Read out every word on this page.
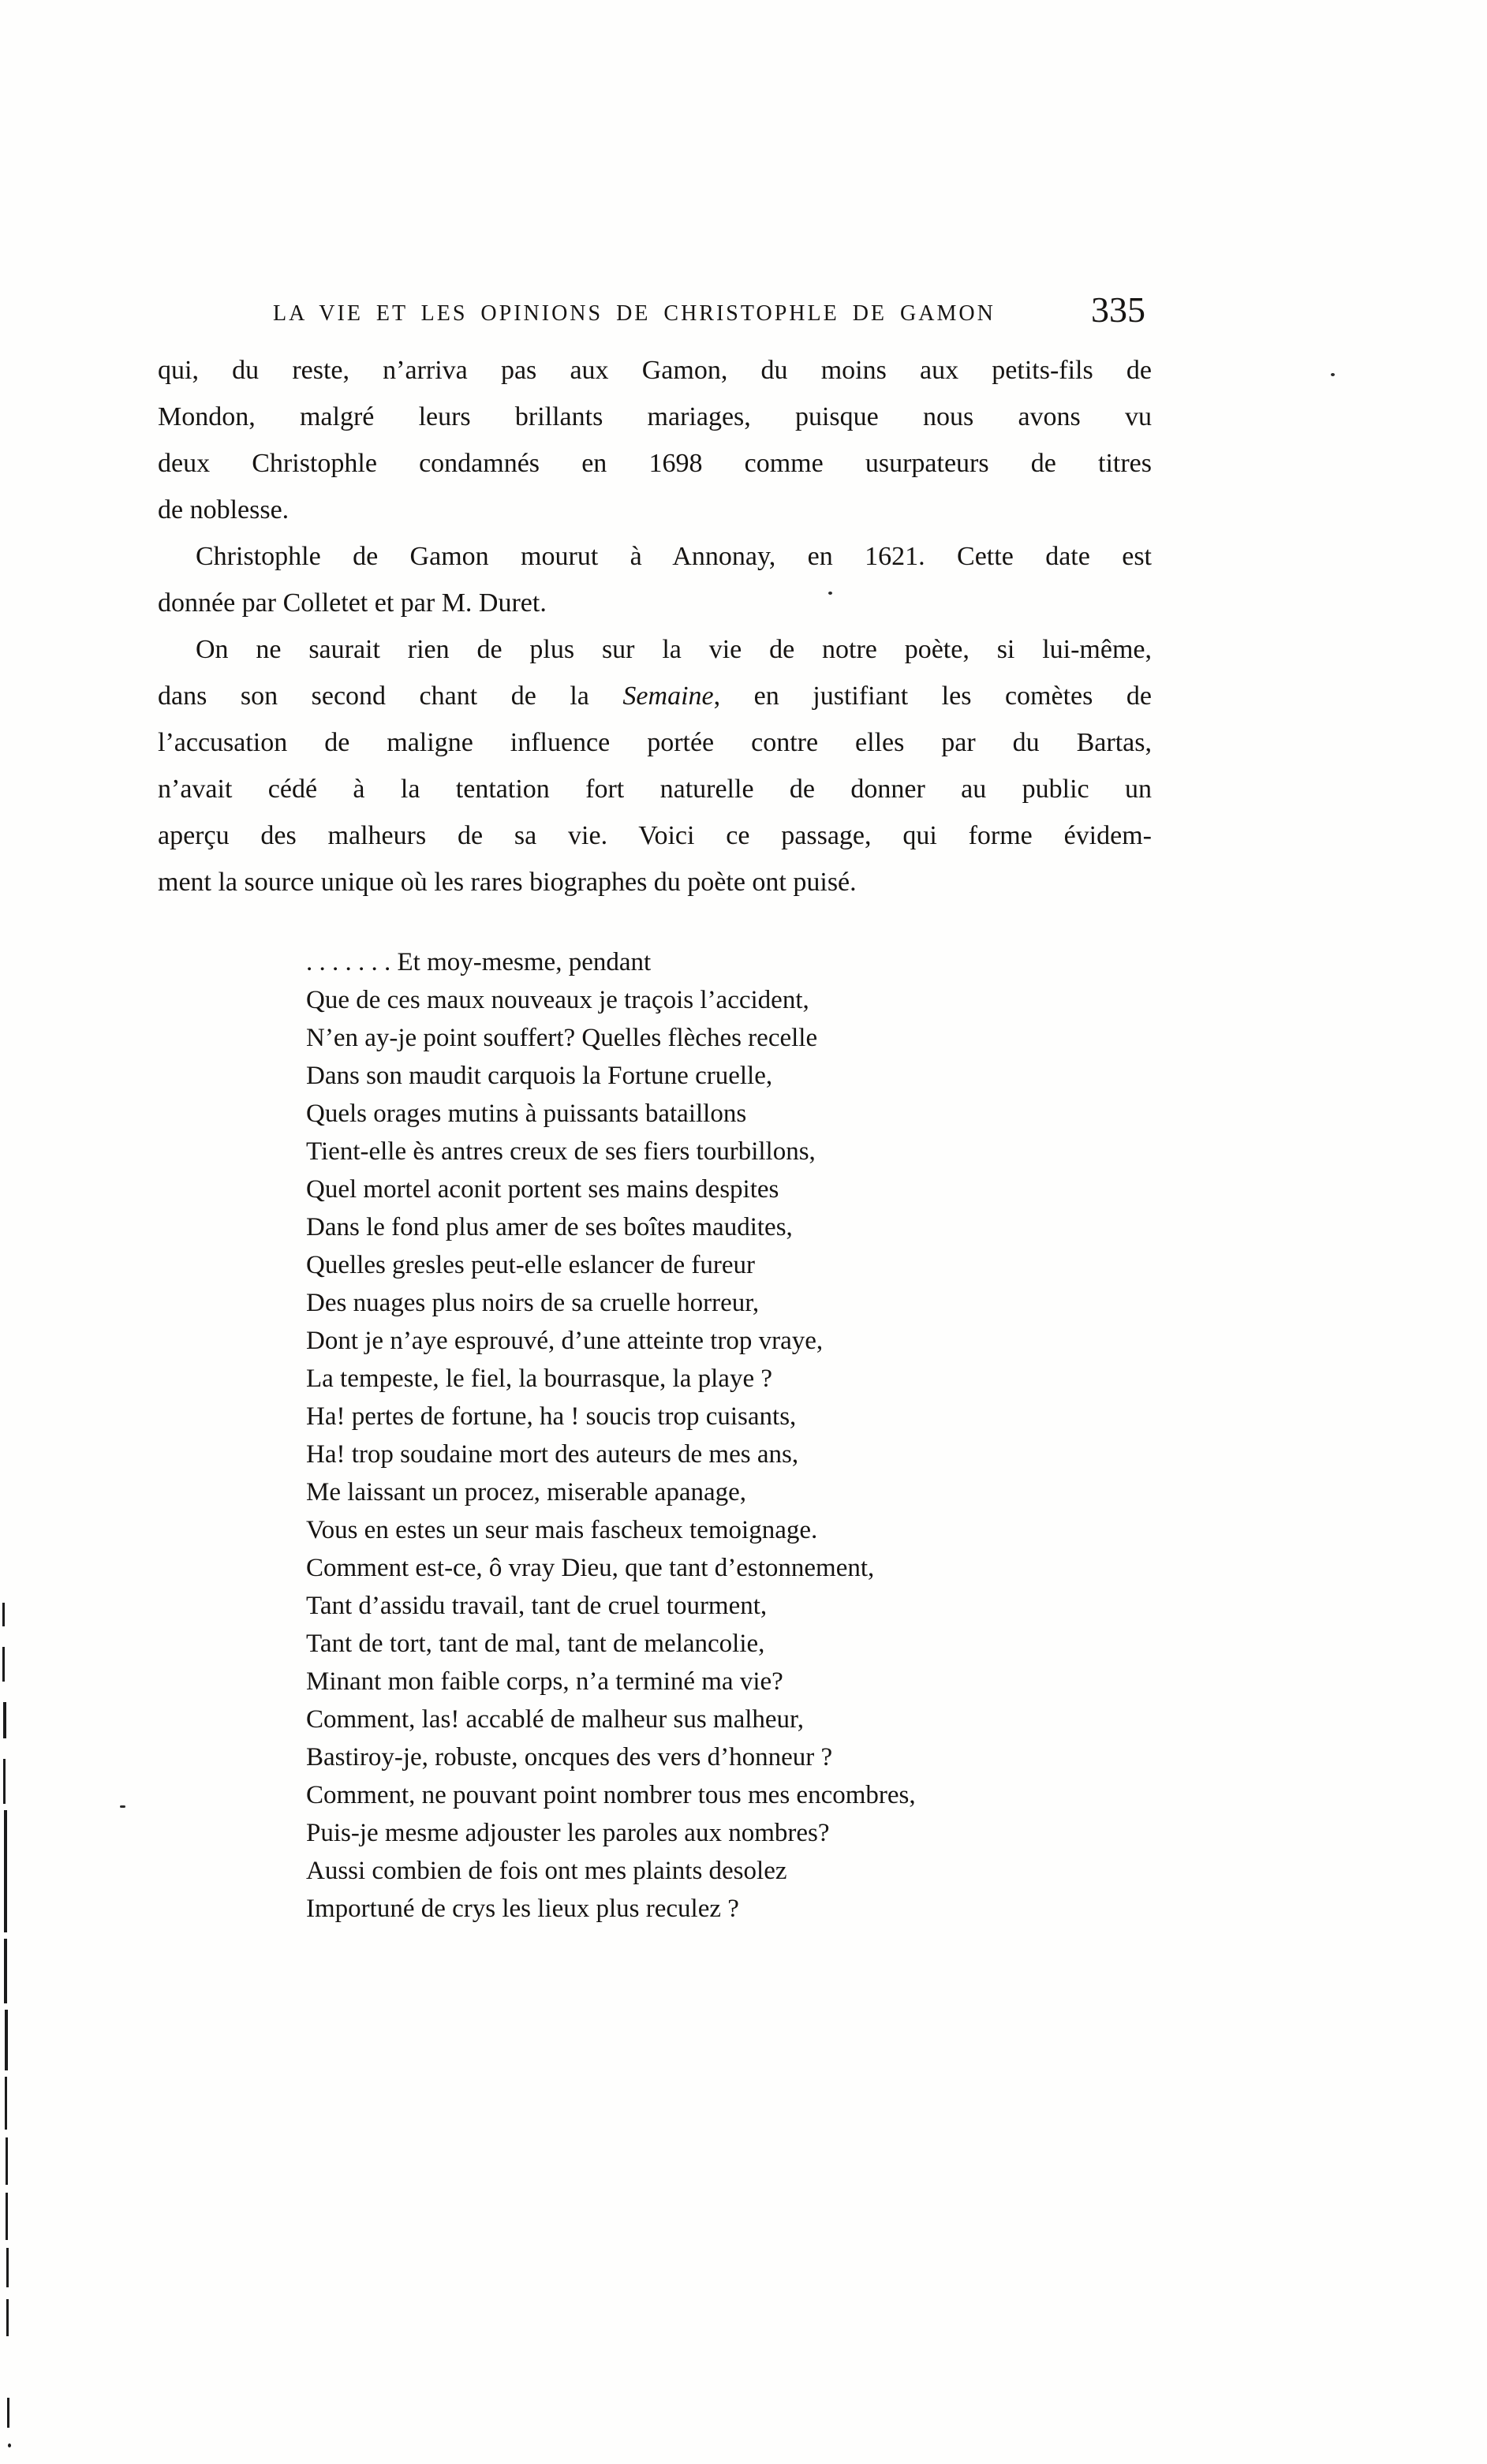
LA VIE ET LES OPINIONS DE CHRISTOPHLE DE GAMON	335
qui, du reste, n’arriva pas aux Gamon, du moins aux petits-fils de
Mondon, malgré leurs brillants mariages, puisque nous avons vu
deux Christophle condamnés en 1698 comme usurpateurs de titres
de noblesse.
Christophle de Gamon mourut à Annonay, en 1621. Cette date est
donnée par Colletet et par M. Duret.
On ne saurait rien de plus sur la vie de notre poète, si lui-même,
dans son second chant de la Semaine, en justifiant les comètes de
l’accusation de maligne influence portée contre elles par du Bartas,
n’avait cédé à la tentation fort naturelle de donner au public un
aperçu des malheurs de sa vie. Voici ce passage, qui forme évidem-
ment la source unique où les rares biographes du poète ont puisé.
. . . . . . . Et moy-mesme, pendant
Que de ces maux nouveaux je traçois l’accident,
N’en ay-je point souffert? Quelles flèches recelle
Dans son maudit carquois la Fortune cruelle,
Quels orages mutins à puissants bataillons
Tient-elle ès antres creux de ses fiers tourbillons,
Quel mortel aconit portent ses mains despites
Dans le fond plus amer de ses boîtes maudites,
Quelles gresles peut-elle eslancer de fureur
Des nuages plus noirs de sa cruelle horreur,
Dont je n’aye esprouvé, d’une atteinte trop vraye,
La tempeste, le fiel, la bourrasque, la playe ?
Ha! pertes de fortune, ha ! soucis trop cuisants,
Ha! trop soudaine mort des auteurs de mes ans,
Me laissant un procez, miserable apanage,
Vous en estes un seur mais fascheux temoignage.
Comment est-ce, ô vray Dieu, que tant d’estonnement,
Tant d’assidu travail, tant de cruel tourment,
Tant de tort, tant de mal, tant de melancolie,
Minant mon faible corps, n’a terminé ma vie?
Comment, las! accablé de malheur sus malheur,
Bastiroy-je, robuste, oncques des vers d’honneur ?
Comment, ne pouvant point nombrer tous mes encombres,
Puis-je mesme adjouster les paroles aux nombres?
Aussi combien de fois ont mes plaints desolez
Importuné de crys les lieux plus reculez ?
